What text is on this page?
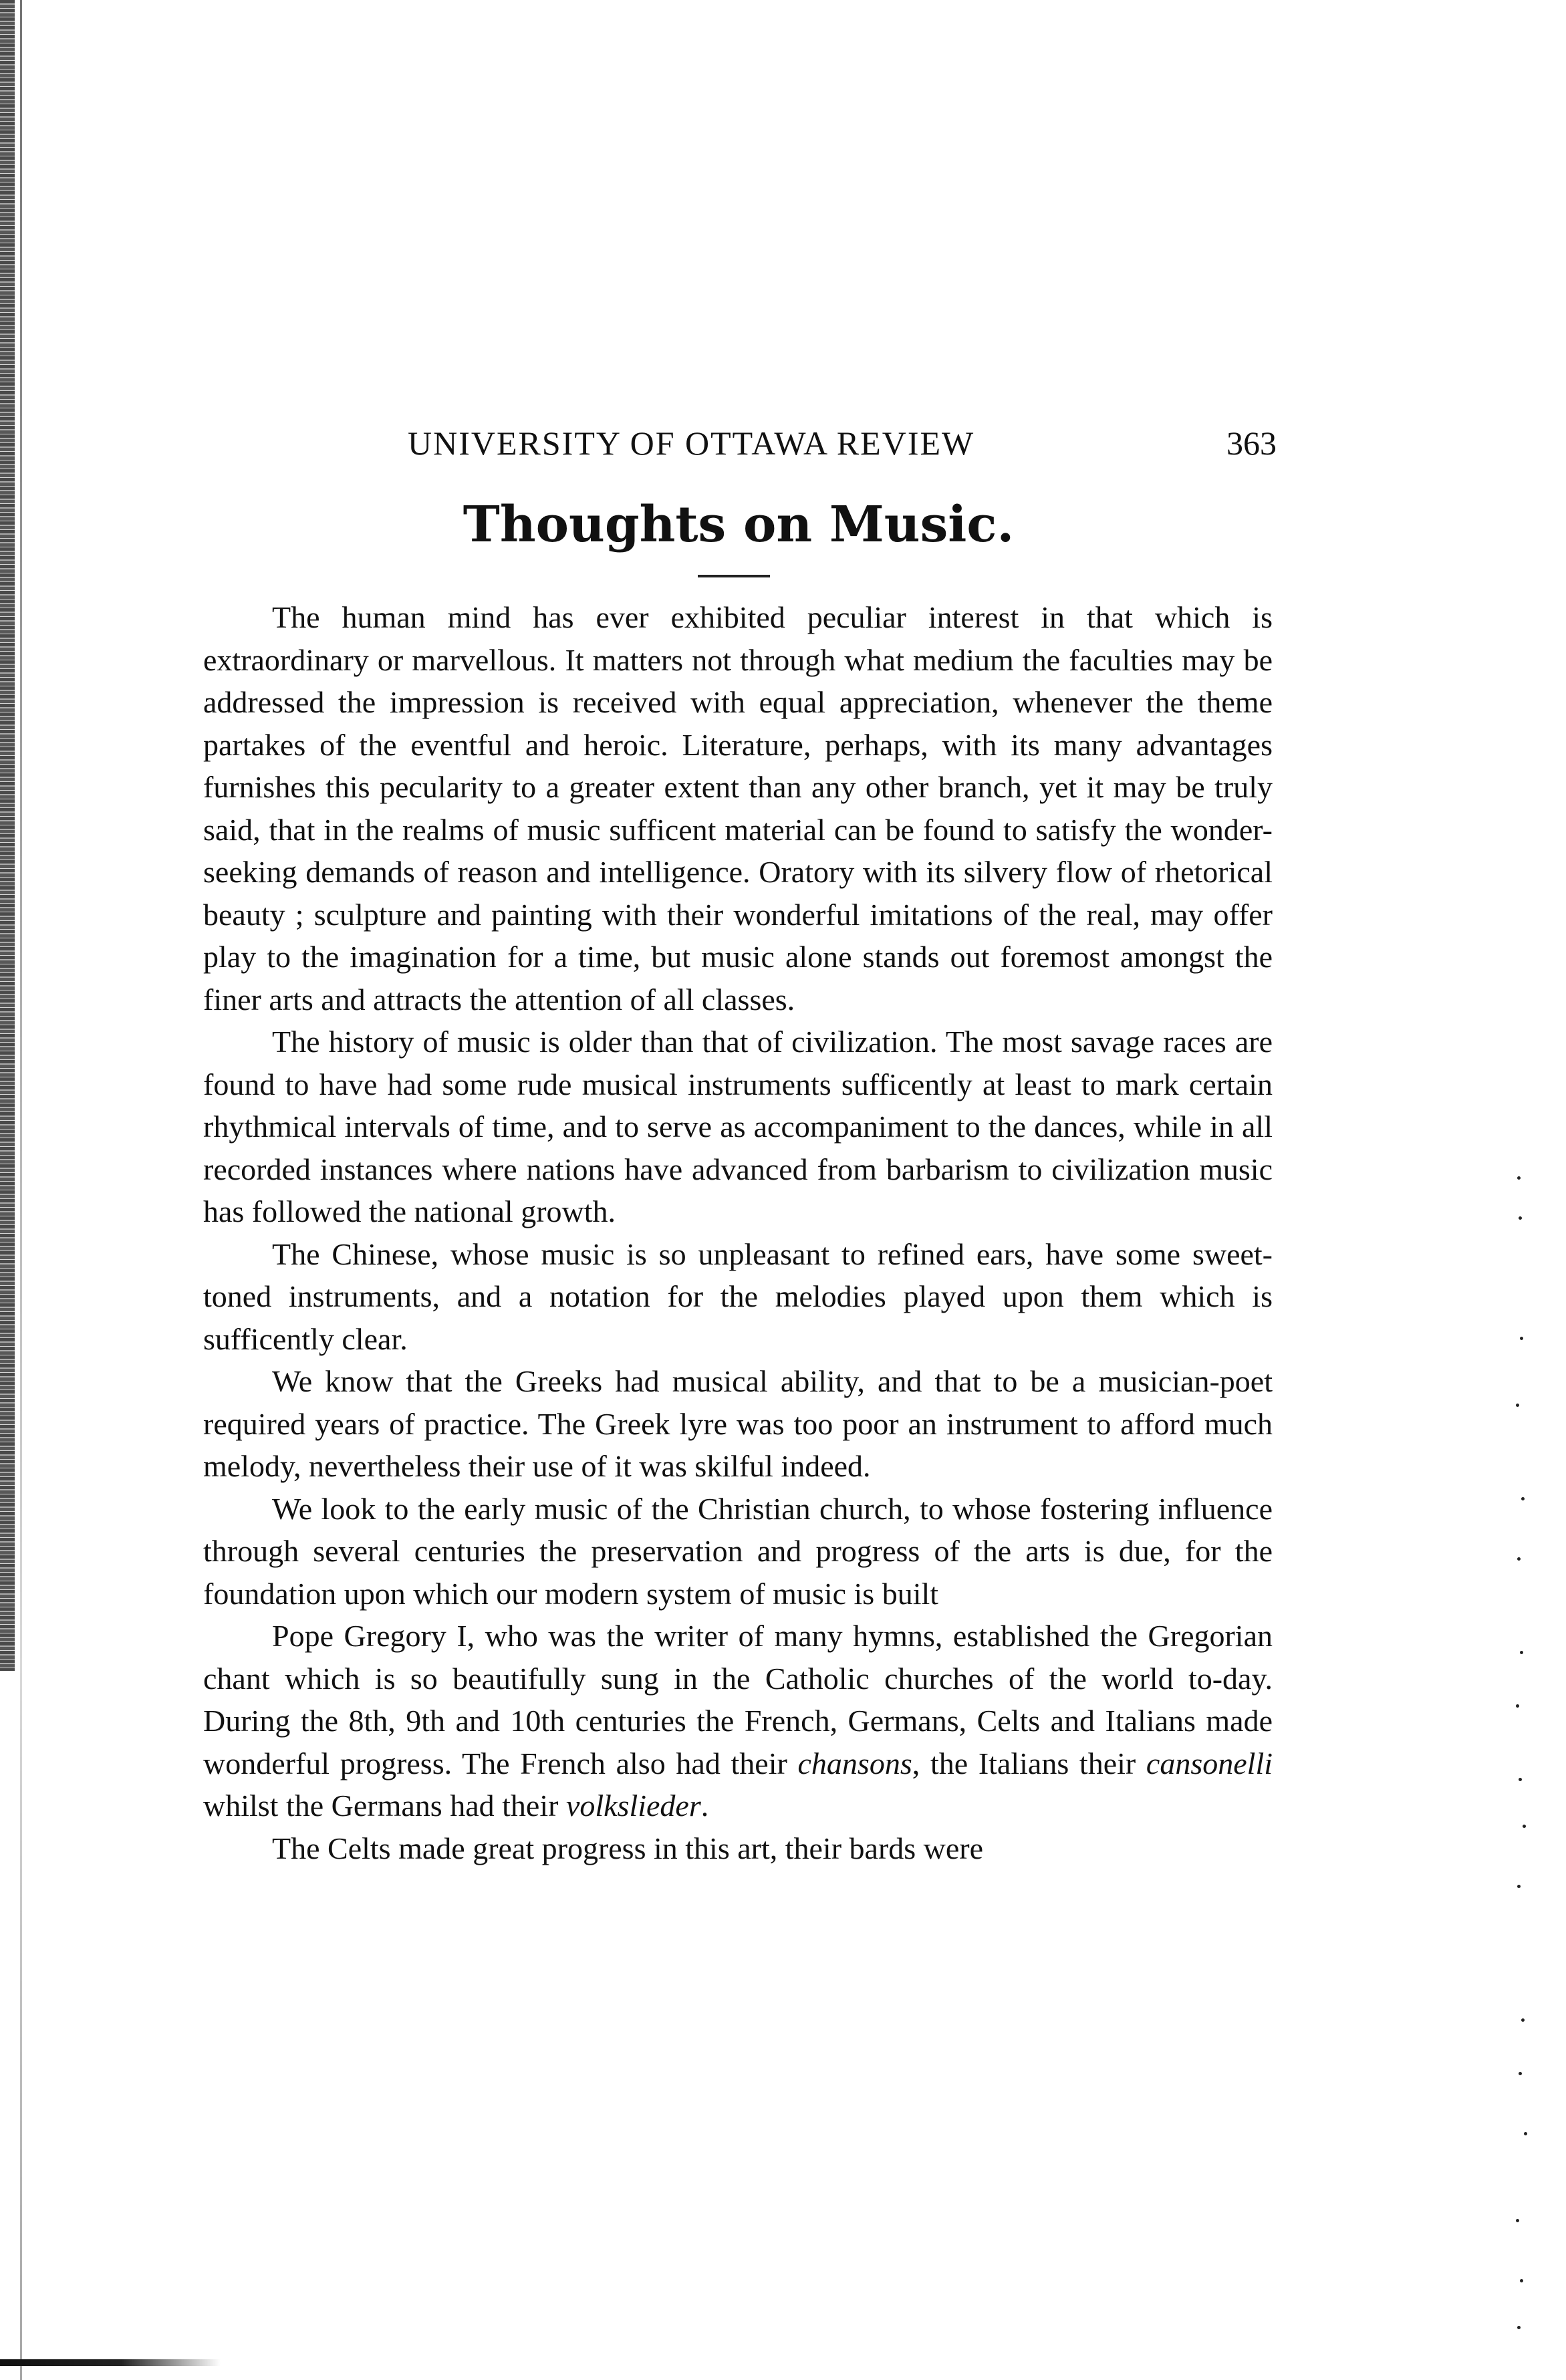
UNIVERSITY OF OTTAWA REVIEW	363
Thoughts on Music.

The human mind has ever exhibited peculiar interest in that which is extraordinary or marvellous. It matters not through what medium the faculties may be addressed the impression is received with equal appreciation, whenever the theme partakes of the eventful and heroic. Literature, perhaps, with its many advantages furnishes this pecularity to a greater extent than any other branch, yet it may be truly said, that in the realms of music sufficent material can be found to satisfy the wonder-seeking demands of reason and intelligence. Oratory with its silvery flow of rhetorical beauty ; sculpture and painting with their wonderful imitations of the real, may offer play to the imagination for a time, but music alone stands out foremost amongst the finer arts and attracts the attention of all classes.

The history of music is older than that of civilization. The most savage races are found to have had some rude musical instruments sufficently at least to mark certain rhythmical intervals of time, and to serve as accompaniment to the dances, while in all recorded instances where nations have advanced from barbarism to civilization music has followed the national growth.

The Chinese, whose music is so unpleasant to refined ears, have some sweet-toned instruments, and a notation for the melodies played upon them which is sufficently clear.

We know that the Greeks had musical ability, and that to be a musician-poet required years of practice. The Greek lyre was too poor an instrument to afford much melody, nevertheless their use of it was skilful indeed.

We look to the early music of the Christian church, to whose fostering influence through several centuries the preservation and progress of the arts is due, for the foundation upon which our modern system of music is built

Pope Gregory I, who was the writer of many hymns, established the Gregorian chant which is so beautifully sung in the Catholic churches of the world to-day. During the 8th, 9th and 10th centuries the French, Germans, Celts and Italians made wonderful progress. The French also had their chansons, the Italians their cansonelli whilst the Germans had their volkslieder.

The Celts made great progress in this art, their bards were
